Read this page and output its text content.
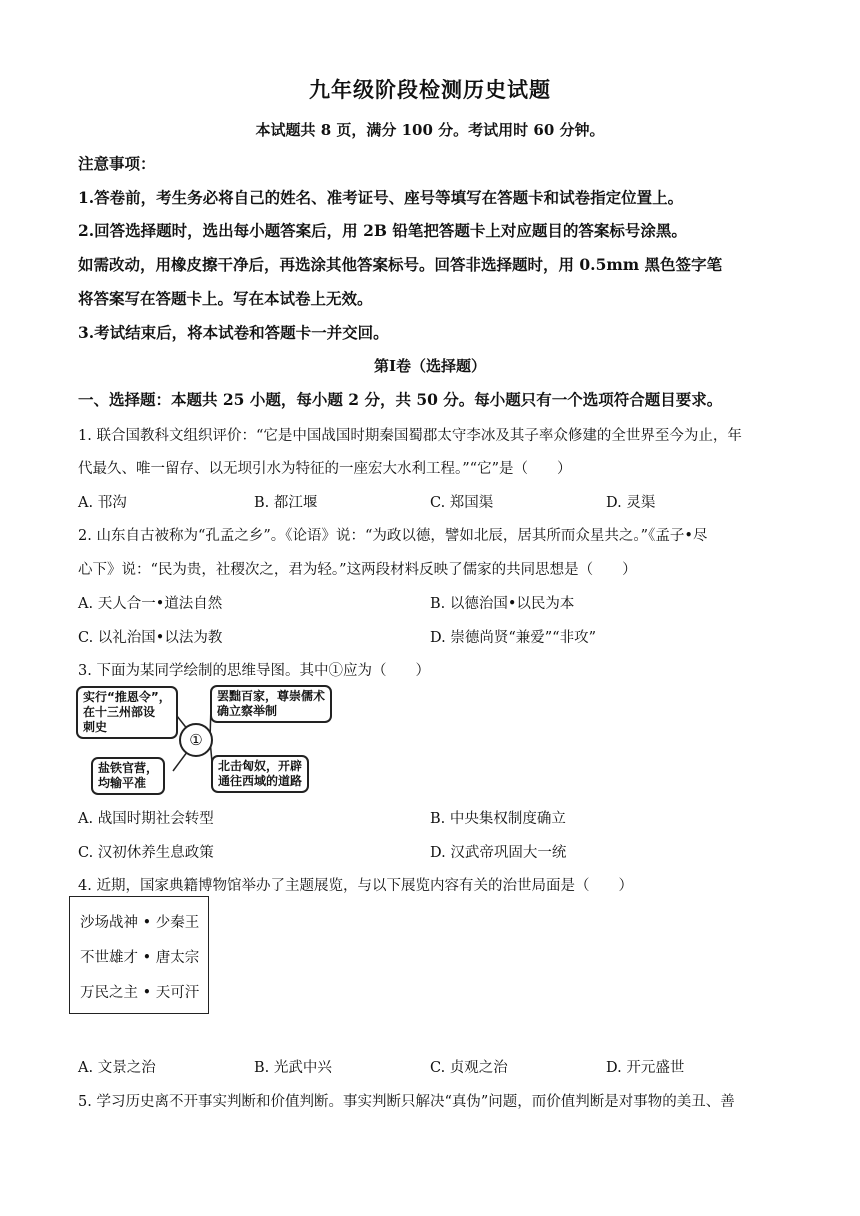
九年级阶段检测历史试题
本试题共 8 页，满分 100 分。考试用时 60 分钟。
注意事项：
1.答卷前，考生务必将自己的姓名、准考证号、座号等填写在答题卡和试卷指定位置上。
2.回答选择题时，选出每小题答案后，用 2B 铅笔把答题卡上对应题目的答案标号涂黑。
如需改动，用橡皮擦干净后，再选涂其他答案标号。回答非选择题时，用 0.5mm 黑色签字笔
将答案写在答题卡上。写在本试卷上无效。
3.考试结束后，将本试卷和答题卡一并交回。
第Ⅰ卷（选择题）
一、选择题：本题共 25 小题，每小题 2 分，共 50 分。每小题只有一个选项符合题目要求。
1. 联合国教科文组织评价：“它是中国战国时期秦国蜀郡太守李冰及其子率众修建的全世界至今为止，年
代最久、唯一留存、以无坝引水为特征的一座宏大水利工程。”“它”是（　　）
A. 邗沟	B. 都江堰	C. 郑国渠	D. 灵渠
2. 山东自古被称为“孔孟之乡”。《论语》说：“为政以德，譬如北辰，居其所而众星共之。”《孟子•尽
心下》说：“民为贵，社稷次之，君为轻。”这两段材料反映了儒家的共同思想是（　　）
A. 天人合一•道法自然	B. 以德治国•以民为本
C. 以礼治国•以法为教	D. 崇德尚贤“兼爱”“非攻”
3. 下面为某同学绘制的思维导图。其中①应为（　　）
实行“推恩令”，
在十三州部设
刺史
罢黜百家，尊崇儒术
确立察举制
盐铁官营，
均输平准
北击匈奴，开辟
通往西域的道路
①
A. 战国时期社会转型	B. 中央集权制度确立
C. 汉初休养生息政策	D. 汉武帝巩固大一统
4. 近期，国家典籍博物馆举办了主题展览，与以下展览内容有关的治世局面是（　　）
沙场战神 • 少秦王
不世雄才 • 唐太宗
万民之主 • 天可汗
A. 文景之治	B. 光武中兴	C. 贞观之治	D. 开元盛世
5. 学习历史离不开事实判断和价值判断。事实判断只解决“真伪”问题，而价值判断是对事物的美丑、善
